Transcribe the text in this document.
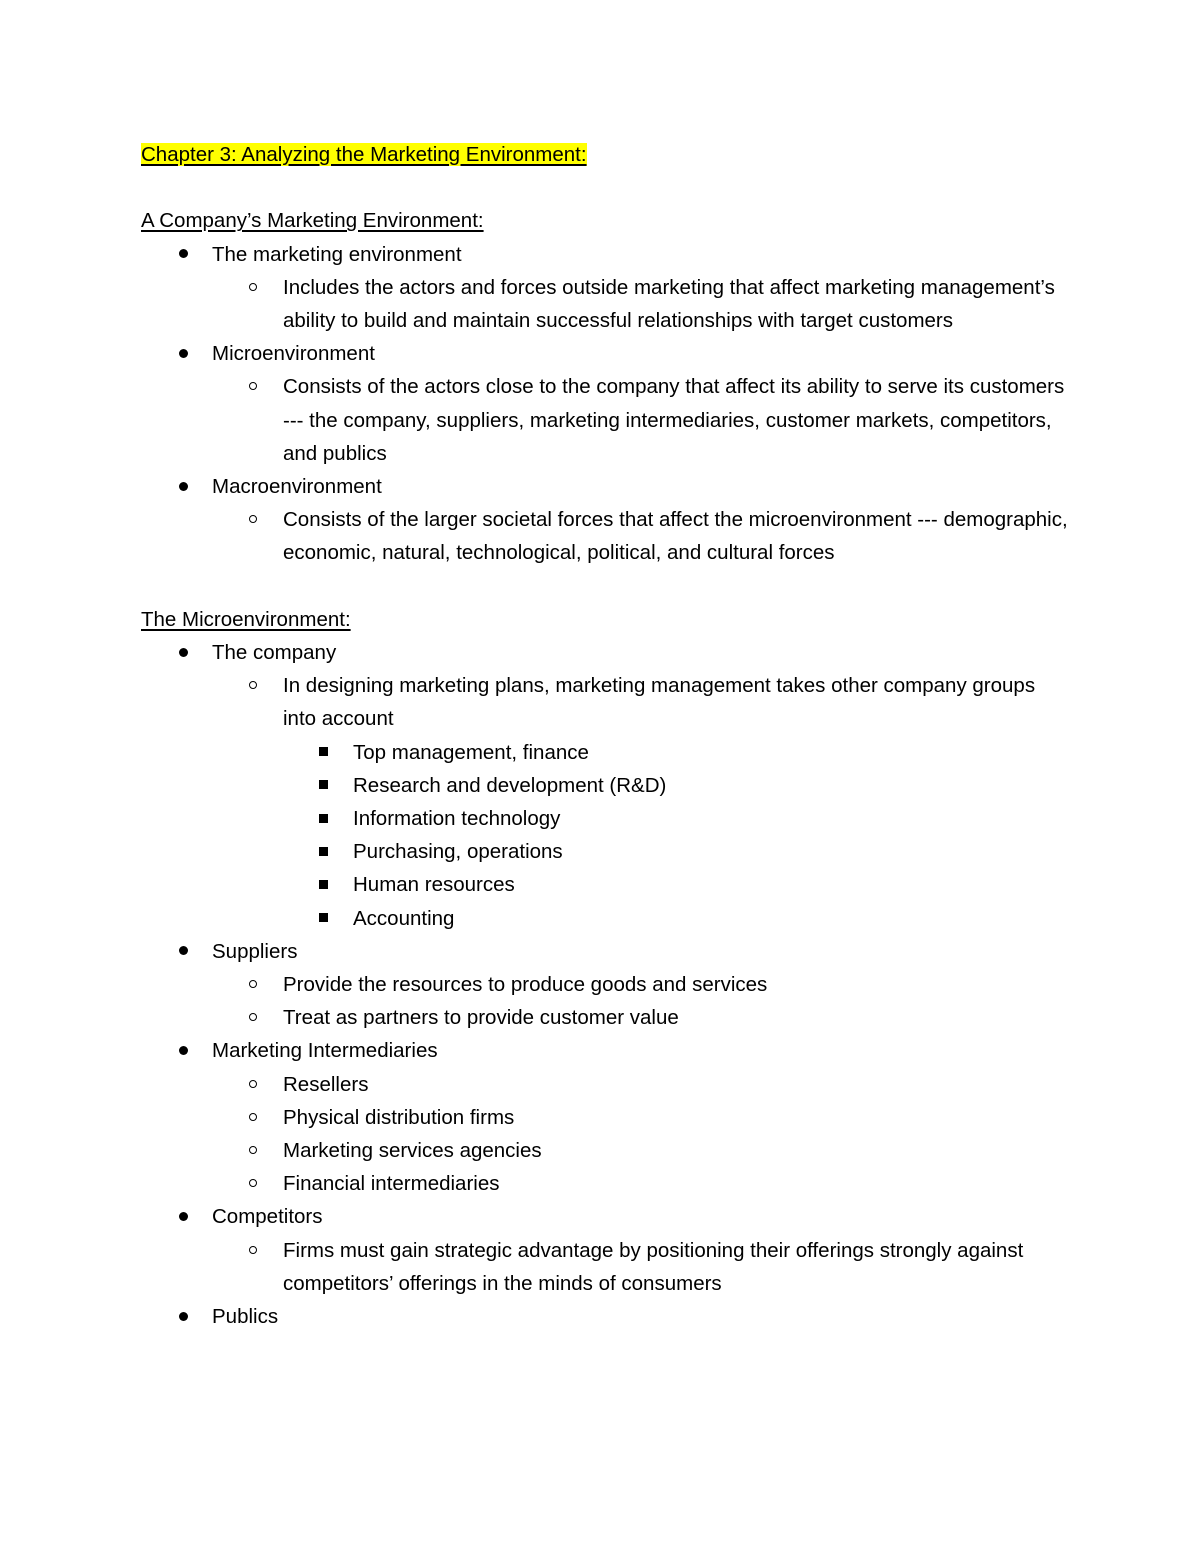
Chapter 3: Analyzing the Marketing Environment:
A Company’s Marketing Environment:
The marketing environment
Includes the actors and forces outside marketing that affect marketing management’s ability to build and maintain successful relationships with target customers
Microenvironment
Consists of the actors close to the company that affect its ability to serve its customers --- the company, suppliers, marketing intermediaries, customer markets, competitors, and publics
Macroenvironment
Consists of the larger societal forces that affect the microenvironment --- demographic, economic, natural, technological, political, and cultural forces
The Microenvironment:
The company
In designing marketing plans, marketing management takes other company groups into account
Top management, finance
Research and development (R&D)
Information technology
Purchasing, operations
Human resources
Accounting
Suppliers
Provide the resources to produce goods and services
Treat as partners to provide customer value
Marketing Intermediaries
Resellers
Physical distribution firms
Marketing services agencies
Financial intermediaries
Competitors
Firms must gain strategic advantage by positioning their offerings strongly against competitors’ offerings in the minds of consumers
Publics
